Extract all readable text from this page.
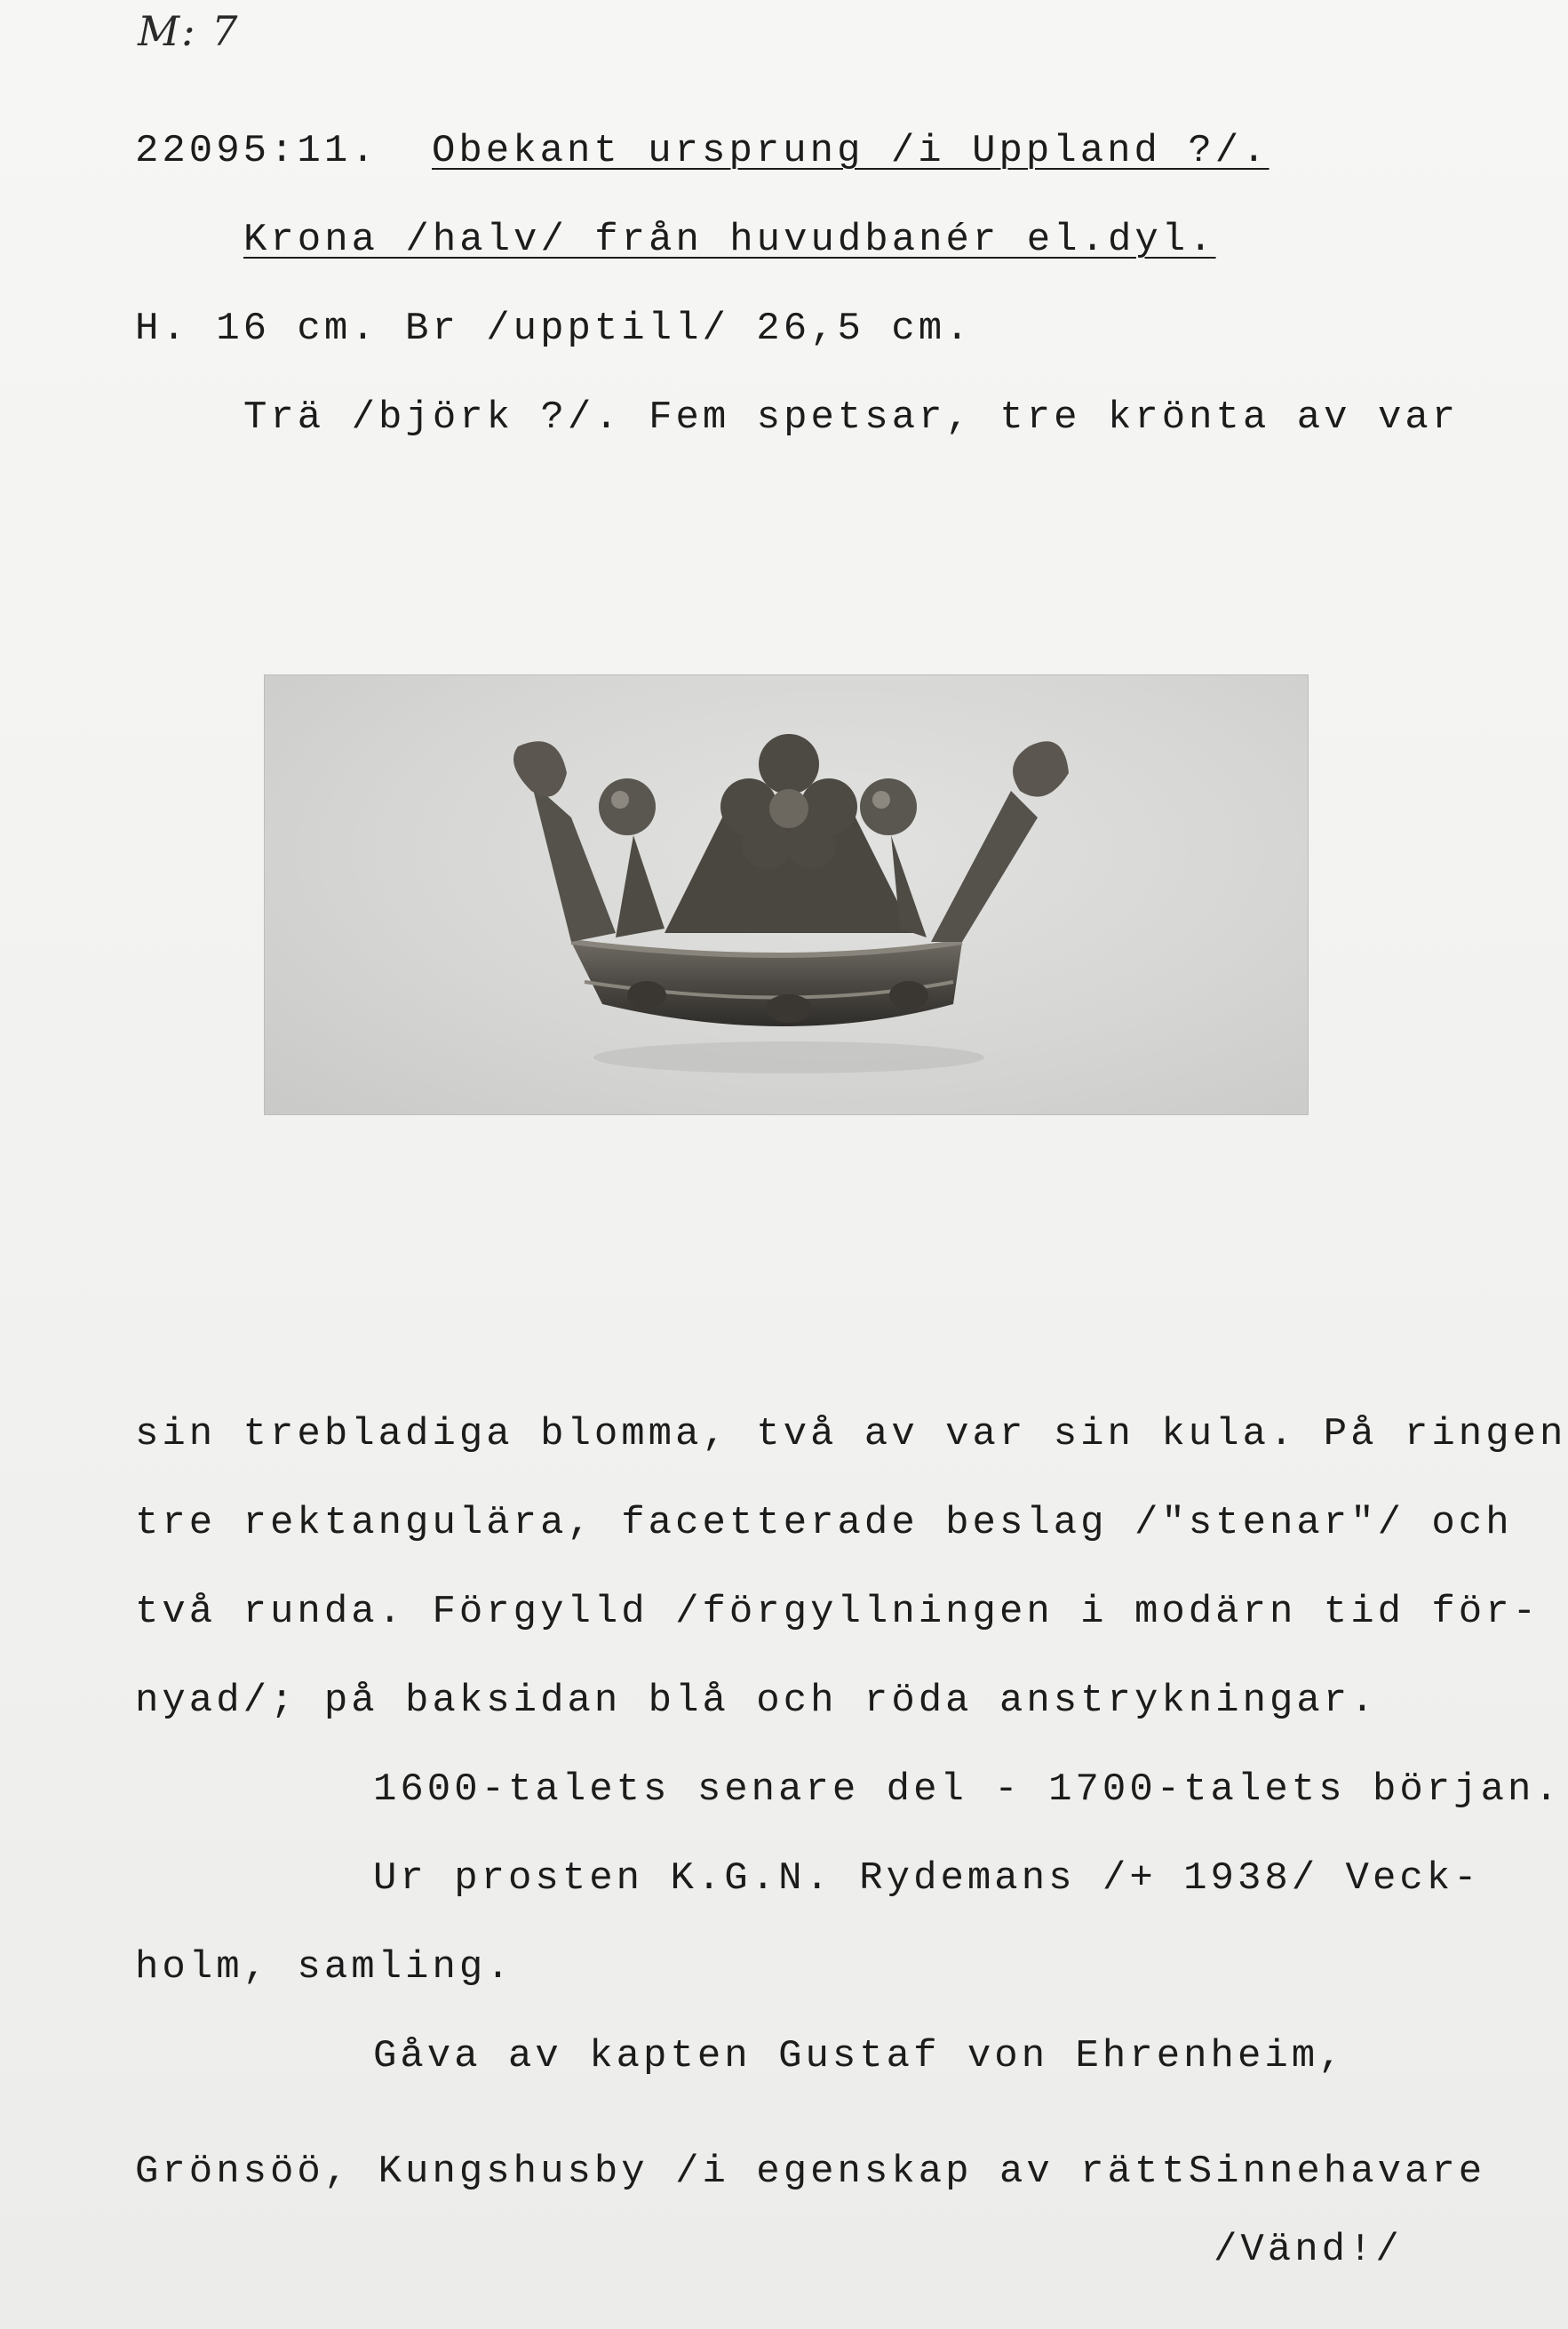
M: 7
22095:11. Obekant ursprung /i Uppland ?/.
Krona /halv/ från huvudbanér el.dyl.
H. 16 cm. Br /upptill/ 26,5 cm.
Trä /björk ?/. Fem spetsar, tre krönta av var
sin trebladiga blomma, två av var sin kula. På ringen
tre rektangulära, facetterade beslag /"stenar"/ och
två runda. Förgylld /förgyllningen i modärn tid för-
nyad/; på baksidan blå och röda anstrykningar.
1600-talets senare del - 1700-talets början.
Ur prosten K.G.N. Rydemans /+ 1938/ Veck-
holm, samling.
Gåva av kapten Gustaf von Ehrenheim,
Grönsöö, Kungshusby /i egenskap av rättSinnehavare
/Vänd!/
